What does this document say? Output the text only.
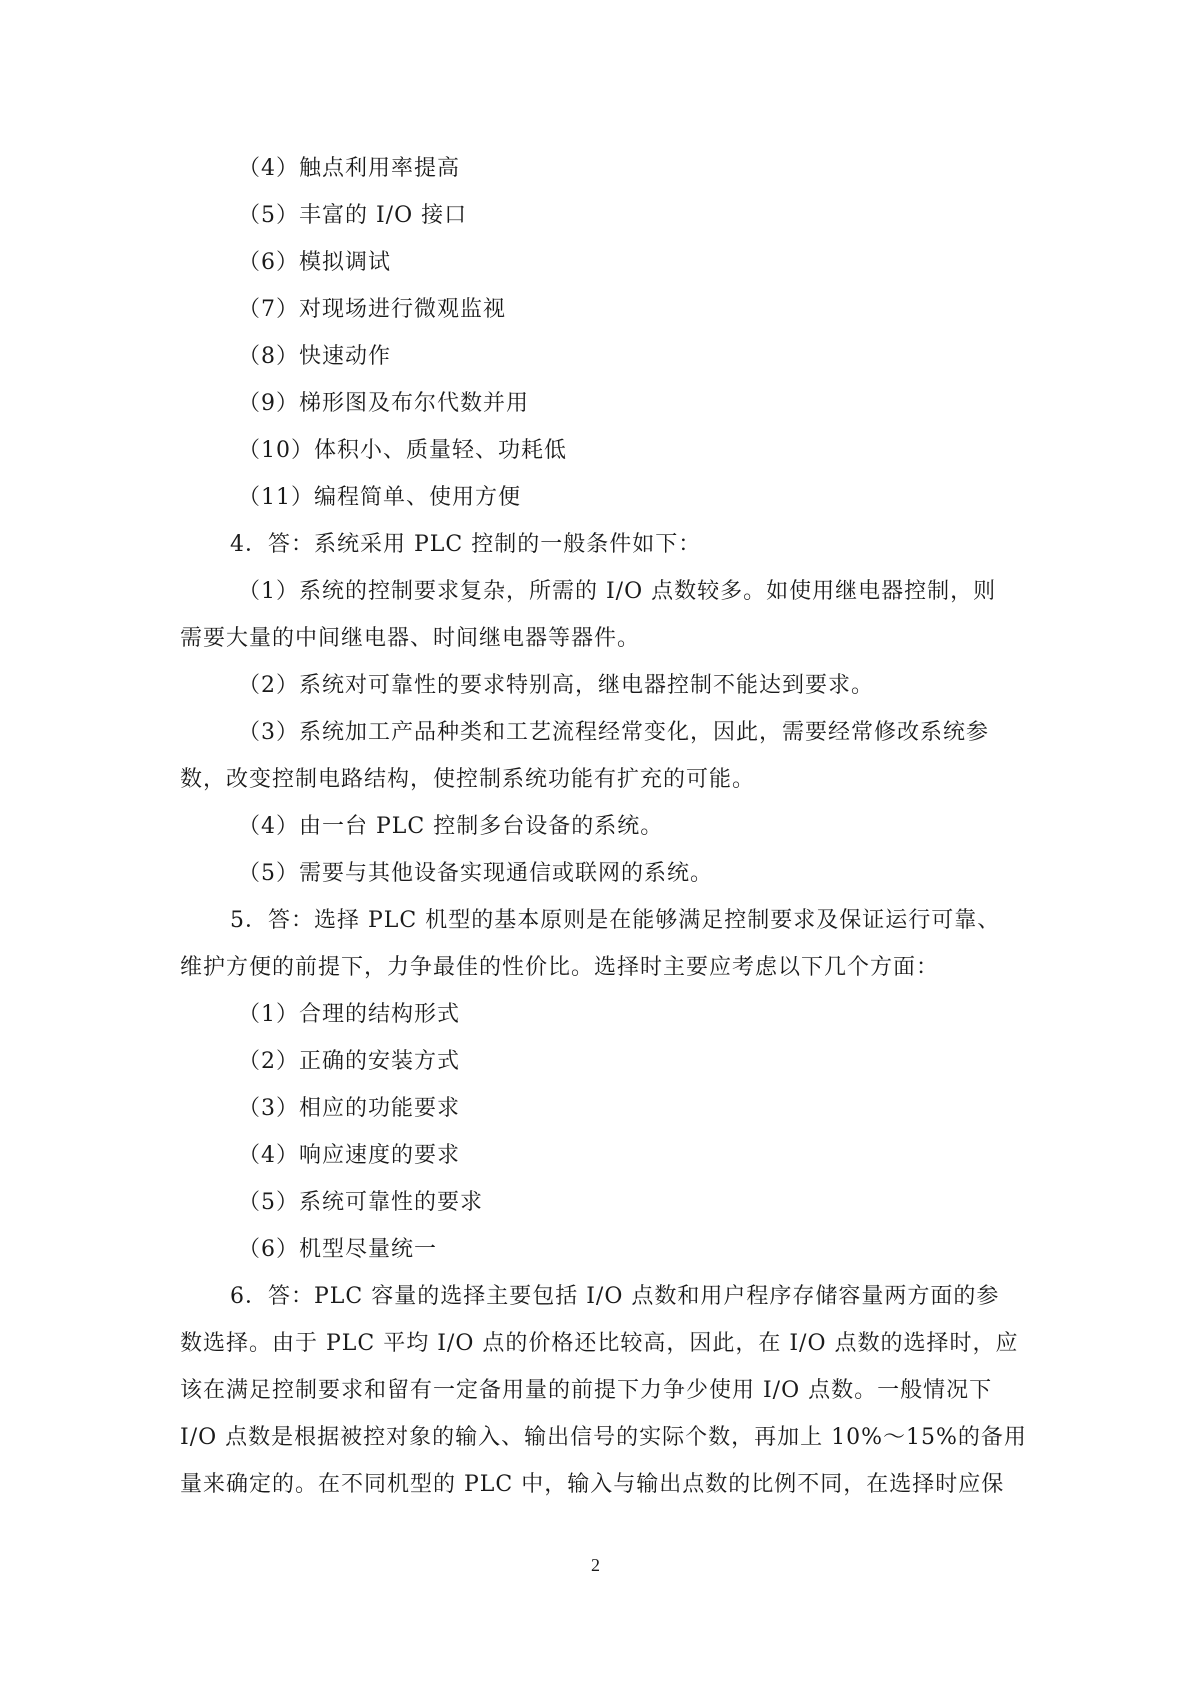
（4）触点利用率提高
（5）丰富的 I/O 接口
（6）模拟调试
（7）对现场进行微观监视
（8）快速动作
（9）梯形图及布尔代数并用
（10）体积小、质量轻、功耗低
（11）编程简单、使用方便
4．答：系统采用 PLC 控制的一般条件如下：
（1）系统的控制要求复杂，所需的 I/O 点数较多。如使用继电器控制，则
需要大量的中间继电器、时间继电器等器件。
（2）系统对可靠性的要求特别高，继电器控制不能达到要求。
（3）系统加工产品种类和工艺流程经常变化，因此，需要经常修改系统参
数，改变控制电路结构，使控制系统功能有扩充的可能。
（4）由一台 PLC 控制多台设备的系统。
（5）需要与其他设备实现通信或联网的系统。
5．答：选择 PLC 机型的基本原则是在能够满足控制要求及保证运行可靠、
维护方便的前提下，力争最佳的性价比。选择时主要应考虑以下几个方面：
（1）合理的结构形式
（2）正确的安装方式
（3）相应的功能要求
（4）响应速度的要求
（5）系统可靠性的要求
（6）机型尽量统一
6．答：PLC 容量的选择主要包括 I/O 点数和用户程序存储容量两方面的参
数选择。由于 PLC 平均 I/O 点的价格还比较高，因此，在 I/O 点数的选择时，应
该在满足控制要求和留有一定备用量的前提下力争少使用 I/O 点数。一般情况下
I/O 点数是根据被控对象的输入、输出信号的实际个数，再加上 10%～15%的备用
量来确定的。在不同机型的 PLC 中，输入与输出点数的比例不同，在选择时应保
2
